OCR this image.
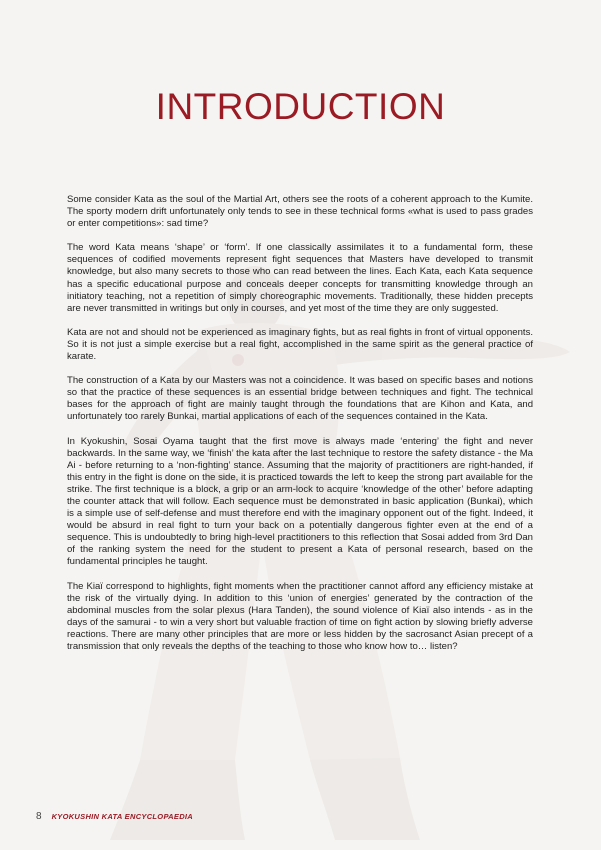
INTRODUCTION

Some consider Kata as the soul of the Martial Art, others see the roots of a coherent approach to the Kumite. The sporty modern drift unfortunately only tends to see in these technical forms «what is used to pass grades or enter competitions»: sad time?

The word Kata means ‘shape’ or ‘form’. If one classically assimilates it to a fundamental form, these sequences of codified movements represent fight sequences that Masters have developed to transmit knowledge, but also many secrets to those who can read between the lines. Each Kata, each Kata sequence has a specific educational purpose and conceals deeper concepts for transmitting knowledge through an initiatory teaching, not a repetition of simply choreographic movements. Traditionally, these hidden precepts are never transmitted in writings but only in courses, and yet most of the time they are only suggested.

Kata are not and should not be experienced as imaginary fights, but as real fights in front of virtual opponents. So it is not just a simple exercise but a real fight, accomplished in the same spirit as the general practice of karate.

The construction of a Kata by our Masters was not a coincidence. It was based on specific bases and notions so that the practice of these sequences is an essential bridge between techniques and fight. The technical bases for the approach of fight are mainly taught through the foundations that are Kihon and Kata, and unfortunately too rarely Bunkai, martial applications of each of the sequences contained in the Kata.

In Kyokushin, Sosai Oyama taught that the first move is always made ‘entering’ the fight and never backwards. In the same way, we ‘finish’ the kata after the last technique to restore the safety distance - the Ma Ai - before returning to a ‘non-fighting’ stance. Assuming that the majority of practitioners are right-handed, if this entry in the fight is done on the side, it is practiced towards the left to keep the strong part available for the strike. The first technique is a block, a grip or an arm-lock to acquire ‘knowledge of the other’ before adapting the counter attack that will follow. Each sequence must be demonstrated in basic application (Bunkai), which is a simple use of self-defense and must therefore end with the imaginary opponent out of the fight. Indeed, it would be absurd in real fight to turn your back on a potentially dangerous fighter even at the end of a sequence. This is undoubtedly to bring high-level practitioners to this reflection that Sosai added from 3rd Dan of the ranking system the need for the student to present a Kata of personal research, based on the fundamental principles he taught.

The Kiaï correspond to highlights, fight moments when the practitioner cannot afford any efficiency mistake at the risk of the virtually dying. In addition to this ‘union of energies’ generated by the contraction of the abdominal muscles from the solar plexus (Hara Tanden), the sound violence of Kiaï also intends - as in the days of the samurai - to win a very short but valuable fraction of time on fight action by slowing briefly adverse reactions. There are many other principles that are more or less hidden by the sacrosanct Asian precept of a transmission that only reveals the depths of the teaching to those who know how to… listen?

8 KYOKUSHIN KATA ENCYCLOPAEDIA
